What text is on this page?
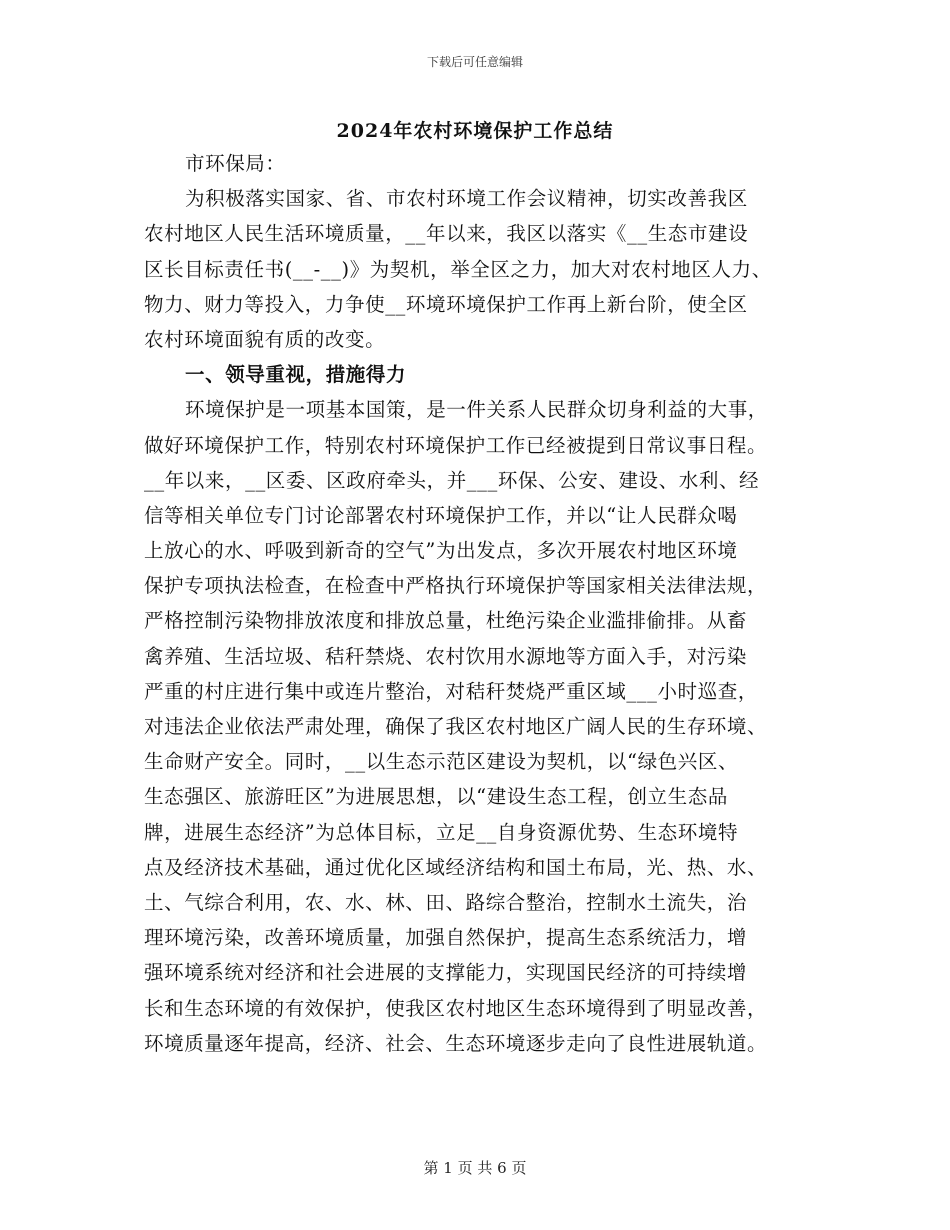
下载后可任意编辑
2024年农村环境保护工作总结
市环保局：
为积极落实国家、省、市农村环境工作会议精神，切实改善我区
农村地区人民生活环境质量，__年以来，我区以落实《__生态市建设
区长目标责任书(__-__)》为契机，举全区之力，加大对农村地区人力、
物力、财力等投入，力争使__环境环境保护工作再上新台阶，使全区
农村环境面貌有质的改变。
一、领导重视，措施得力
环境保护是一项基本国策，是一件关系人民群众切身利益的大事，
做好环境保护工作，特别农村环境保护工作已经被提到日常议事日程。
__年以来，__区委、区政府牵头，并___环保、公安、建设、水利、经
信等相关单位专门讨论部署农村环境保护工作，并以“让人民群众喝
上放心的水、呼吸到新奇的空气”为出发点，多次开展农村地区环境
保护专项执法检查，在检查中严格执行环境保护等国家相关法律法规，
严格控制污染物排放浓度和排放总量，杜绝污染企业滥排偷排。从畜
禽养殖、生活垃圾、秸秆禁烧、农村饮用水源地等方面入手，对污染
严重的村庄进行集中或连片整治，对秸秆焚烧严重区域___小时巡查，
对违法企业依法严肃处理，确保了我区农村地区广阔人民的生存环境、
生命财产安全。同时，__以生态示范区建设为契机，以“绿色兴区、
生态强区、旅游旺区”为进展思想，以“建设生态工程，创立生态品
牌，进展生态经济”为总体目标，立足__自身资源优势、生态环境特
点及经济技术基础，通过优化区域经济结构和国土布局，光、热、水、
土、气综合利用，农、水、林、田、路综合整治，控制水土流失，治
理环境污染，改善环境质量，加强自然保护，提高生态系统活力，增
强环境系统对经济和社会进展的支撑能力，实现国民经济的可持续增
长和生态环境的有效保护，使我区农村地区生态环境得到了明显改善，
环境质量逐年提高，经济、社会、生态环境逐步走向了良性进展轨道。
第 1 页 共 6 页
